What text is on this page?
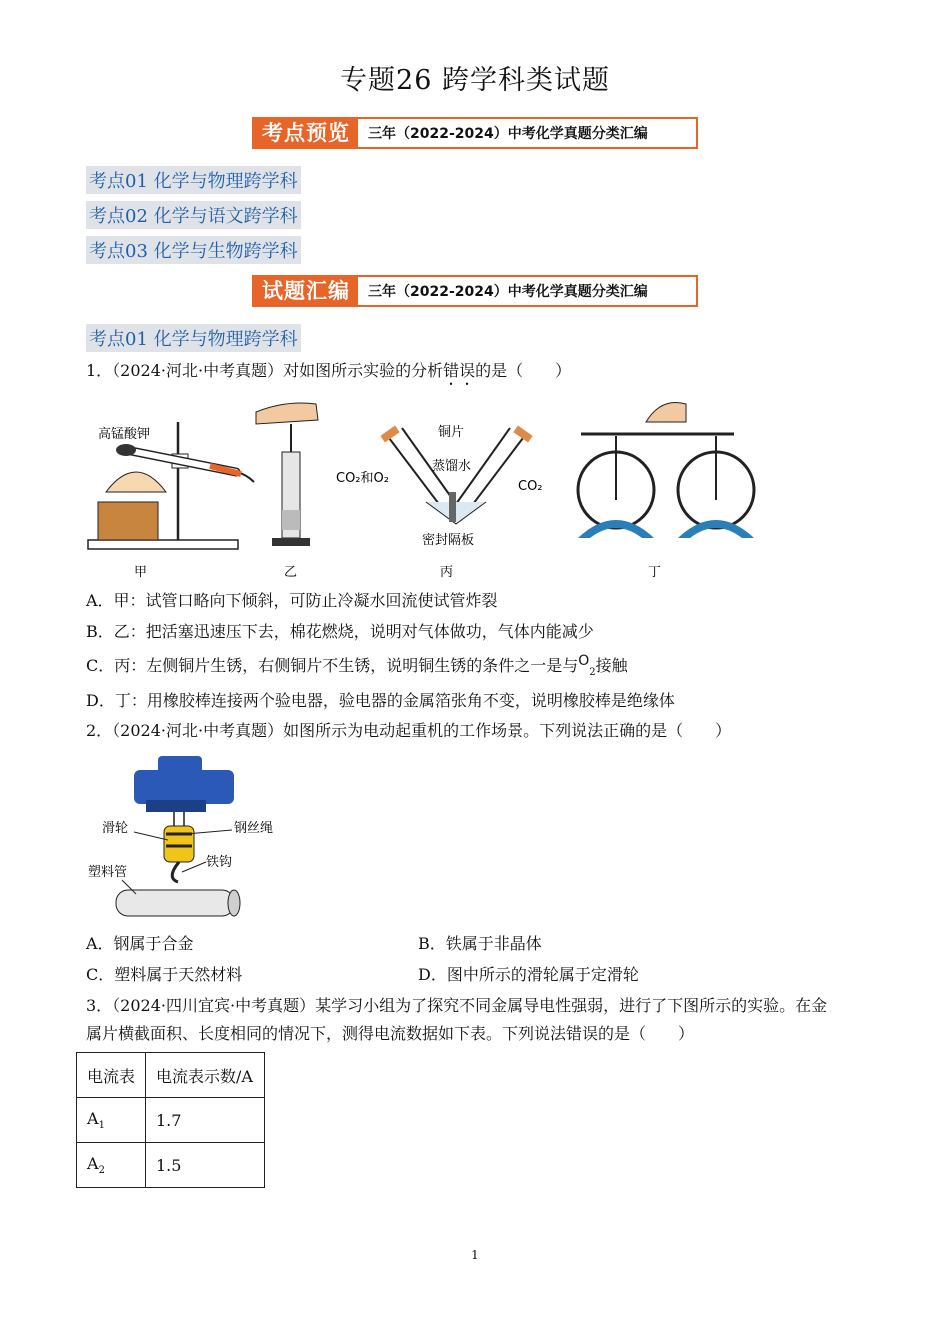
专题26 跨学科类试题
考点预览	三年（2022-2024）中考化学真题分类汇编
考点01 化学与物理跨学科
考点02 化学与语文跨学科
考点03 化学与生物跨学科
试题汇编	三年（2022-2024）中考化学真题分类汇编
考点01 化学与物理跨学科
1．（2024·河北·中考真题）对如图所示实验的分析错误的是（　　）
高锰酸钾	铜片
蒸馏水
CO₂和O₂
CO₂
密封隔板
甲	乙	丙	丁
A．甲：试管口略向下倾斜，可防止冷凝水回流使试管炸裂
B．乙：把活塞迅速压下去，棉花燃烧，说明对气体做功，气体内能减少
C．丙：左侧铜片生锈，右侧铜片不生锈，说明铜生锈的条件之一是与$O_2$接触
D．丁：用橡胶棒连接两个验电器，验电器的金属箔张角不变，说明橡胶棒是绝缘体
2．（2024·河北·中考真题）如图所示为电动起重机的工作场景。下列说法正确的是（　　）
滑轮	钢丝绳
铁钩
塑料管
A．钢属于合金	B．铁属于非晶体
C．塑料属于天然材料	D．图中所示的滑轮属于定滑轮
3．（2024·四川宜宾·中考真题）某学习小组为了探究不同金属导电性强弱，进行了下图所示的实验。在金
属片横截面积、长度相同的情况下，测得电流数据如下表。下列说法错误的是（　　）
电流表	电流表示数/A
$A_1$	1.7
$A_2$	1.5
1
